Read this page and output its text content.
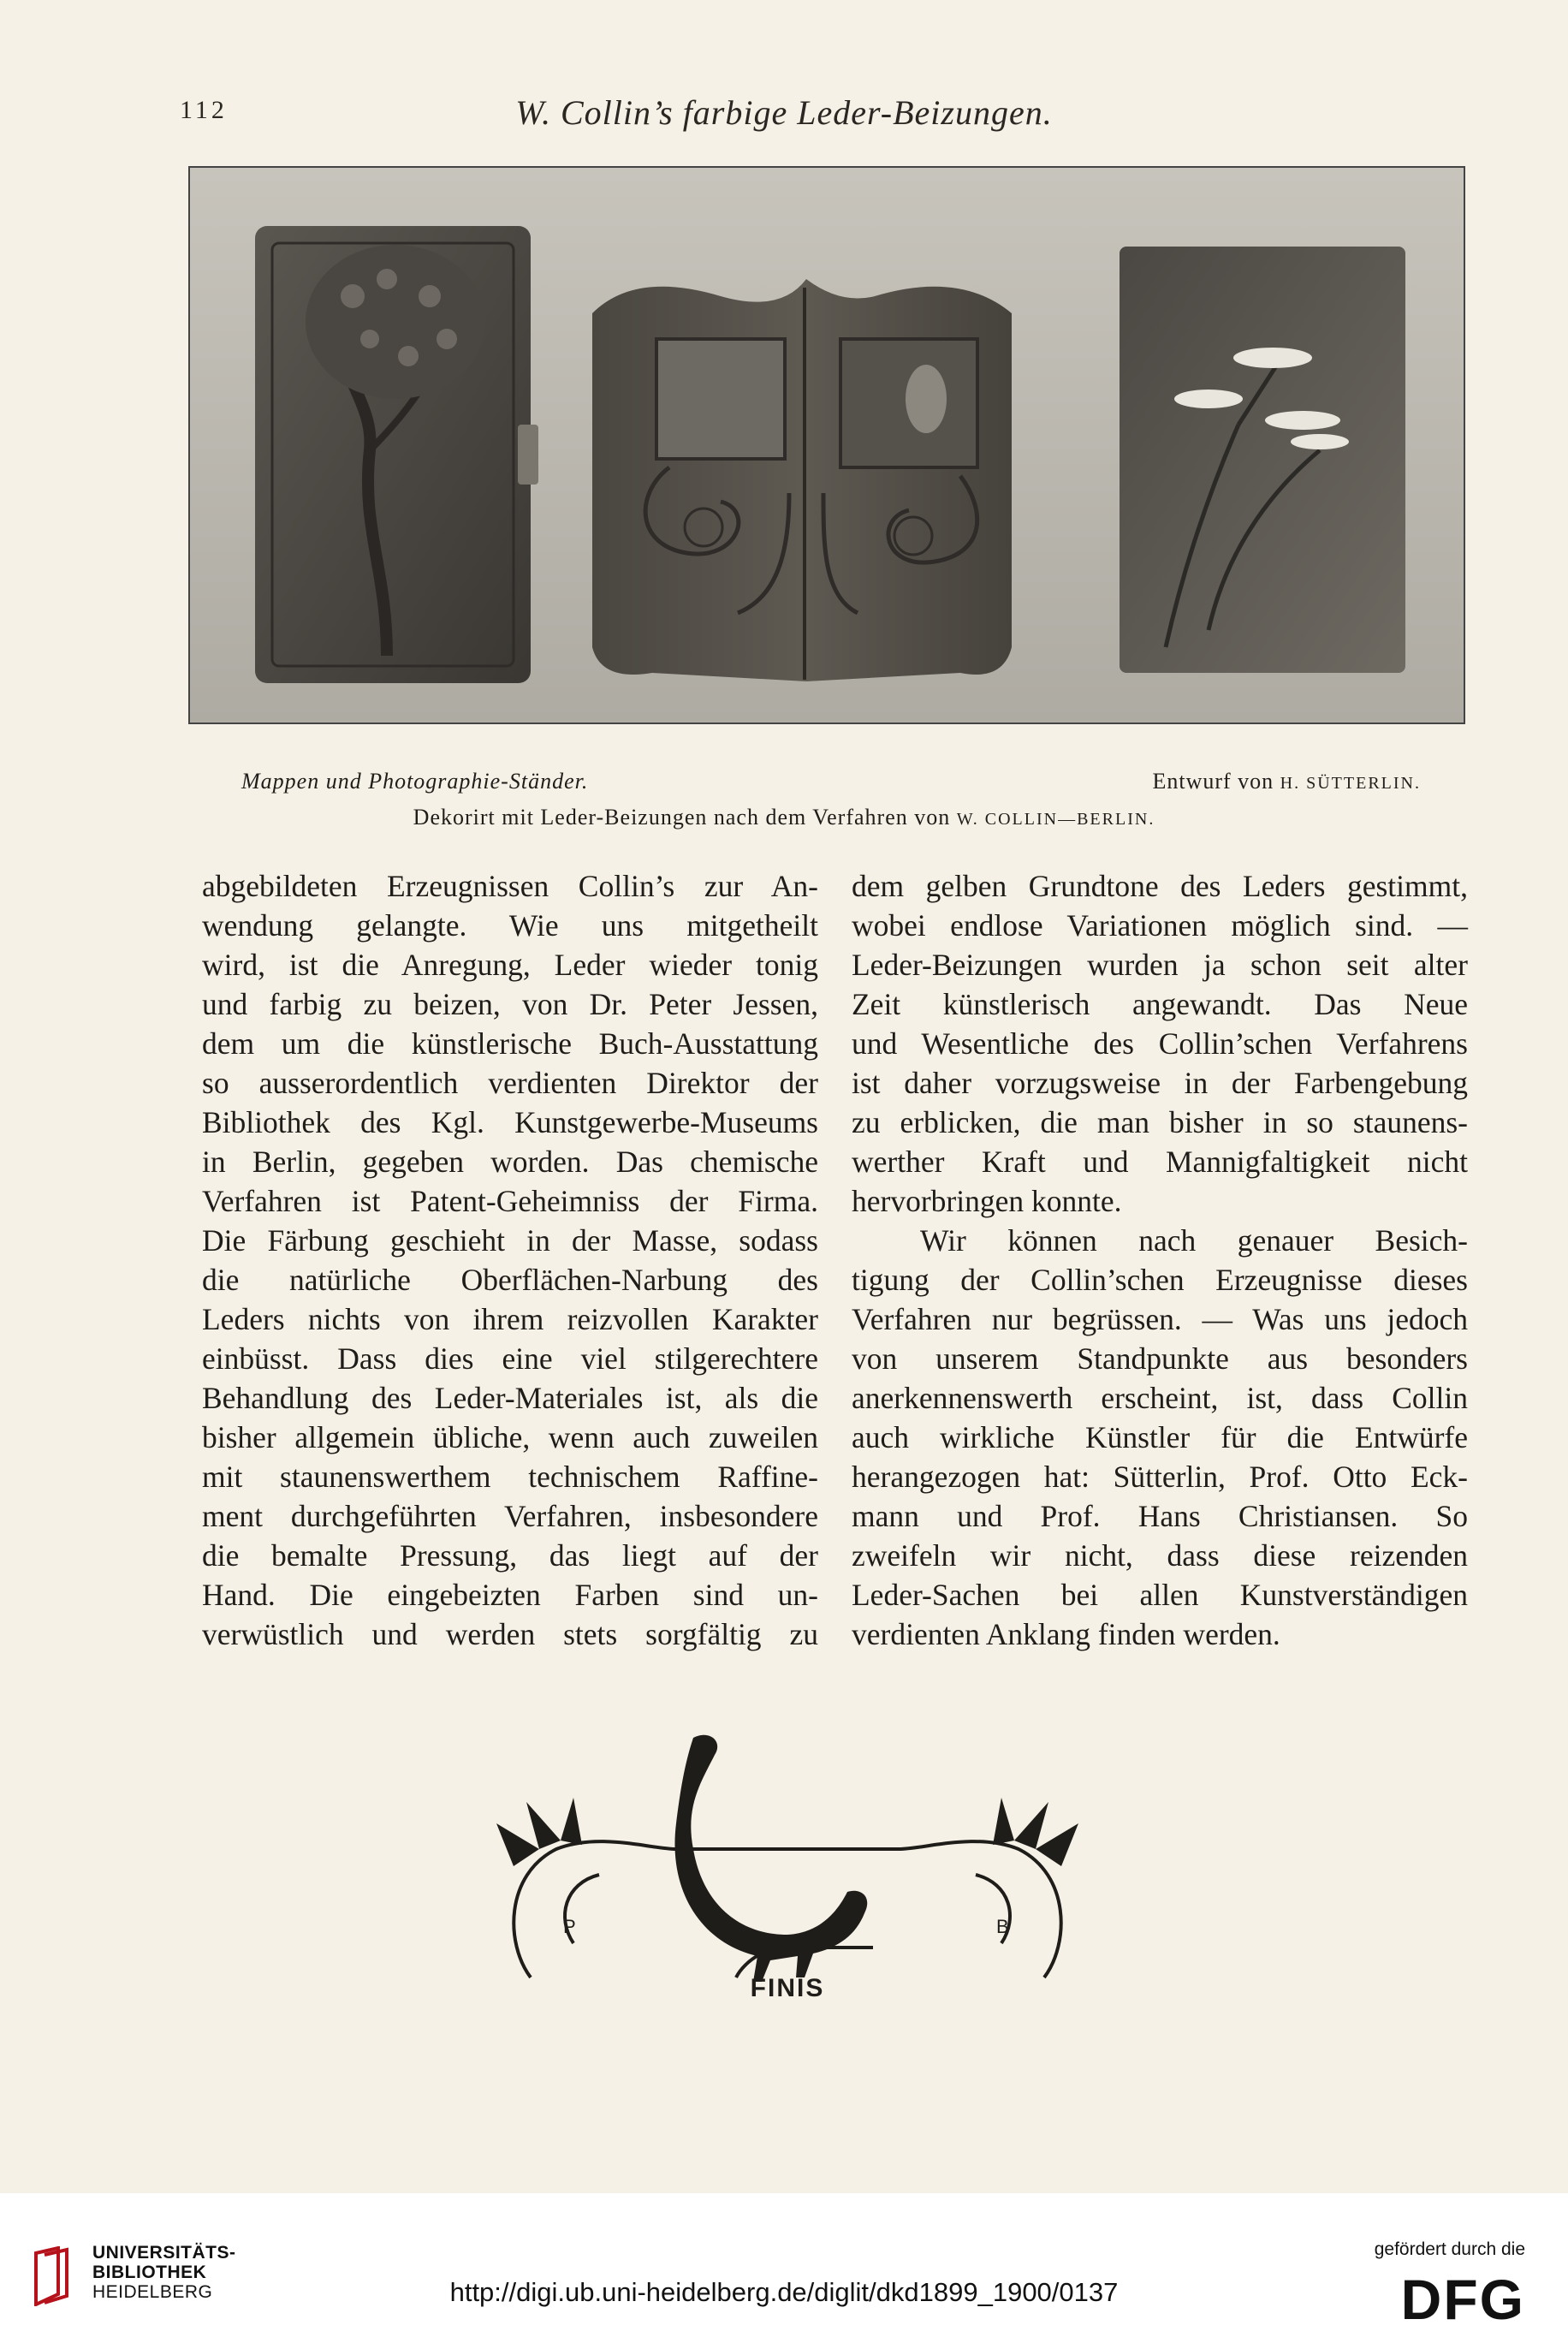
112	W. Collin’s farbige Leder-Beizungen.
Mappen und Photographie-Ständer.	Entwurf von H. SÜTTERLIN.
Dekorirt mit Leder-Beizungen nach dem Verfahren von W. COLLIN—BERLIN.
abgebildeten Erzeugnissen Collin’s zur An-
wendung gelangte. Wie uns mitgetheilt
wird, ist die Anregung, Leder wieder tonig
und farbig zu beizen, von Dr. Peter Jessen,
dem um die künstlerische Buch-Ausstattung
so ausserordentlich verdienten Direktor der
Bibliothek des Kgl. Kunstgewerbe-Museums
in Berlin, gegeben worden. Das chemische
Verfahren ist Patent-Geheimniss der Firma.
Die Färbung geschieht in der Masse, sodass
die natürliche Oberflächen-Narbung des
Leders nichts von ihrem reizvollen Karakter
einbüsst. Dass dies eine viel stilgerechtere
Behandlung des Leder-Materiales ist, als die
bisher allgemein übliche, wenn auch zuweilen
mit staunenswerthem technischem Raffine-
ment durchgeführten Verfahren, insbesondere
die bemalte Pressung, das liegt auf der
Hand. Die eingebeizten Farben sind un-
verwüstlich und werden stets sorgfältig zu
dem gelben Grundtone des Leders gestimmt,
wobei endlose Variationen möglich sind. —
Leder-Beizungen wurden ja schon seit alter
Zeit künstlerisch angewandt. Das Neue
und Wesentliche des Collin’schen Verfahrens
ist daher vorzugsweise in der Farbengebung
zu erblicken, die man bisher in so staunens-
werther Kraft und Mannigfaltigkeit nicht
hervorbringen konnte.
Wir können nach genauer Besich-
tigung der Collin’schen Erzeugnisse dieses
Verfahren nur begrüssen. — Was uns jedoch
von unserem Standpunkte aus besonders
anerkennenswerth erscheint, ist, dass Collin
auch wirkliche Künstler für die Entwürfe
herangezogen hat: Sütterlin, Prof. Otto Eck-
mann und Prof. Hans Christiansen. So
zweifeln wir nicht, dass diese reizenden
Leder-Sachen bei allen Kunstverständigen
verdienten Anklang finden werden.
P	B
FINIS
UNIVERSITÄTS-
BIBLIOTHEK
HEIDELBERG	http://digi.ub.uni-heidelberg.de/diglit/dkd1899_1900/0137
gefördert durch die
DFG
